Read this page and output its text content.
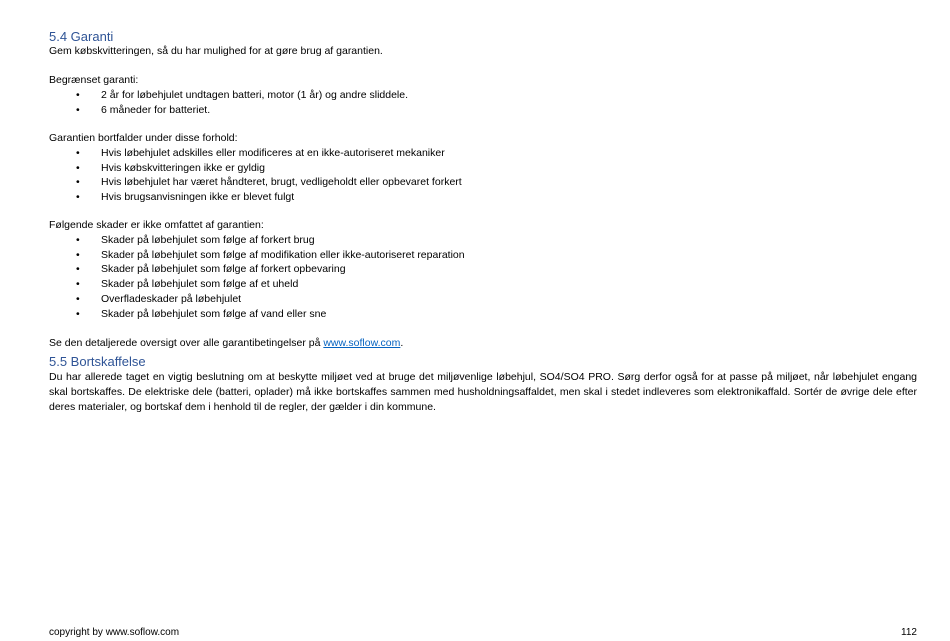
5.4 Garanti

Gem købskvitteringen, så du har mulighed for at gøre brug af garantien.

Begrænset garanti:

• 2 år for løbehjulet undtagen batteri, motor (1 år) og andre sliddele.
• 6 måneder for batteriet.

Garantien bortfalder under disse forhold:

• Hvis løbehjulet adskilles eller modificeres at en ikke-autoriseret mekaniker
• Hvis købskvitteringen ikke er gyldig
• Hvis løbehjulet har været håndteret, brugt, vedligeholdt eller opbevaret forkert
• Hvis brugsanvisningen ikke er blevet fulgt

Følgende skader er ikke omfattet af garantien:

• Skader på løbehjulet som følge af forkert brug
• Skader på løbehjulet som følge af modifikation eller ikke-autoriseret reparation
• Skader på løbehjulet som følge af forkert opbevaring
• Skader på løbehjulet som følge af et uheld
• Overfladeskader på løbehjulet
• Skader på løbehjulet som følge af vand eller sne

Se den detaljerede oversigt over alle garantibetingelser på www.soflow.com.

5.5 Bortskaffelse

Du har allerede taget en vigtig beslutning om at beskytte miljøet ved at bruge det miljøvenlige løbehjul, SO4/SO4 PRO. Sørg derfor også for at passe på miljøet, når løbehjulet engang skal bortskaffes. De elektriske dele (batteri, oplader) må ikke bortskaffes sammen med husholdningsaffaldet, men skal i stedet indleveres som elektronikaffald. Sortér de øvrige dele efter deres materialer, og bortskaf dem i henhold til de regler, der gælder i din kommune.

copyright by www.soflow.com	112
